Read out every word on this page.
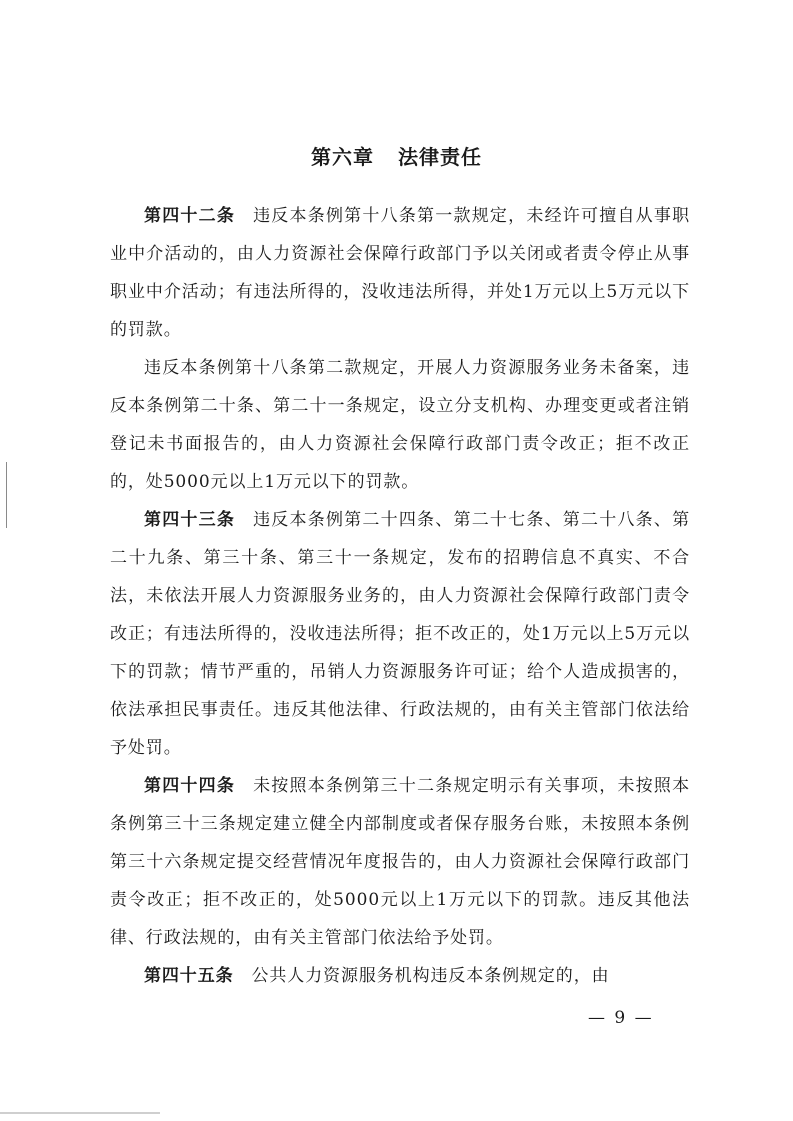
第六章 法律责任

第四十二条 违反本条例第十八条第一款规定，未经许可擅自从事职业中介活动的，由人力资源社会保障行政部门予以关闭或者责令停止从事职业中介活动；有违法所得的，没收违法所得，并处1万元以上5万元以下的罚款。

违反本条例第十八条第二款规定，开展人力资源服务业务未备案，违反本条例第二十条、第二十一条规定，设立分支机构、办理变更或者注销登记未书面报告的，由人力资源社会保障行政部门责令改正；拒不改正的，处5000元以上1万元以下的罚款。

第四十三条 违反本条例第二十四条、第二十七条、第二十八条、第二十九条、第三十条、第三十一条规定，发布的招聘信息不真实、不合法，未依法开展人力资源服务业务的，由人力资源社会保障行政部门责令改正；有违法所得的，没收违法所得；拒不改正的，处1万元以上5万元以下的罚款；情节严重的，吊销人力资源服务许可证；给个人造成损害的，依法承担民事责任。违反其他法律、行政法规的，由有关主管部门依法给予处罚。

第四十四条 未按照本条例第三十二条规定明示有关事项，未按照本条例第三十三条规定建立健全内部制度或者保存服务台账，未按照本条例第三十六条规定提交经营情况年度报告的，由人力资源社会保障行政部门责令改正；拒不改正的，处5000元以上1万元以下的罚款。违反其他法律、行政法规的，由有关主管部门依法给予处罚。

第四十五条 公共人力资源服务机构违反本条例规定的，由

— 9 —
